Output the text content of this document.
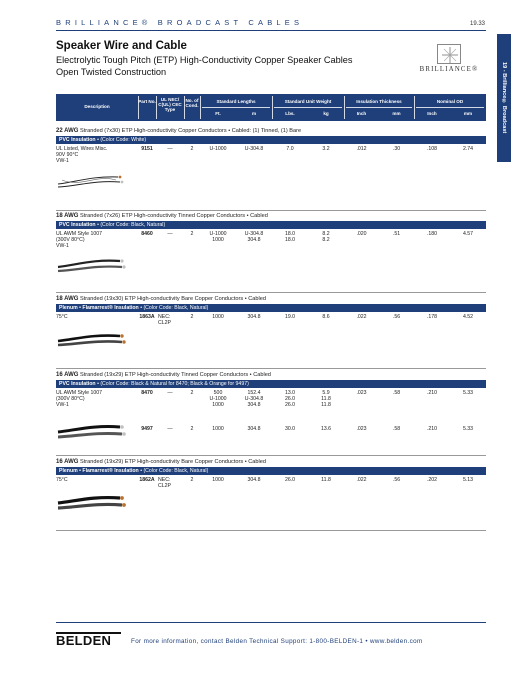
BRILLIANCE® BROADCAST CABLES	19.33
Speaker Wire and Cable
Electrolytic Tough Pitch (ETP) High-Conductivity Copper Speaker Cables
Open Twisted Construction	BRILLIANCE®	19 - Brilliance® Broadcast
Description
Part No.	UL NEC/ C(UL) CEC Type
No. of Cond.
Standard Lengths
Ft.	m
Standard Unit Weight
Lbs.	kg
Insulation Thickness
Inch	mm
Nominal OD
Inch	mm
22 AWG Stranded (7x30) ETP High-conductivity Copper Conductors • Cabled: (1) Tinned, (1) Bare
PVC Insulation • (Color Code: White)
UL Listed, Wires Misc.
90V 90°C
VW-1
9151	—	2	U-1000	U-304.8	7.0	3.2	.012	.30	.108	2.74
18 AWG Stranded (7x26) ETP High-conductivity Tinned Copper Conductors • Cabled
PVC Insulation • (Color Code: Black, Natural)
UL AWM Style 1007
(300V 80°C)
VW-1
8460	—	2	U-1000	U-304.8	18.0	8.2	.020	.51	.180	4.57
1000	304.8	18.0	8.2
18 AWG Stranded (19x30) ETP High-conductivity Bare Copper Conductors • Cabled
Plenum • Flamarrest® Insulation • (Color Code: Black, Natural)
75°C	1863A NEC: CL2P
2	1000	304.8	19.0	8.6	.022	.56	.178	4.52
16 AWG Stranded (19x29) ETP High-conductivity Tinned Copper Conductors • Cabled
PVC Insulation • (Color Code: Black & Natural for 8470; Black & Orange for 9497)
UL AWM Style 1007
(300V 80°C)
VW-1
8470	—	2	500	152.4	13.0	5.9	.023	.58	.210	5.33
U-1000	U-304.8	26.0	11.8
1000	304.8	26.0	11.8
9497	—	2	1000	304.8	30.0	13.6	.023	.58	.210	5.33
16 AWG Stranded (19x29) ETP High-conductivity Bare Copper Conductors • Cabled
Plenum • Flamarrest® Insulation • (Color Code: Black, Natural)
75°C	1862A NEC: CL2P
2	1000	304.8	26.0	11.8	.022	.56	.202	5.13
BELDEN	For more information, contact Belden Technical Support: 1-800-BELDEN-1 • www.belden.com
